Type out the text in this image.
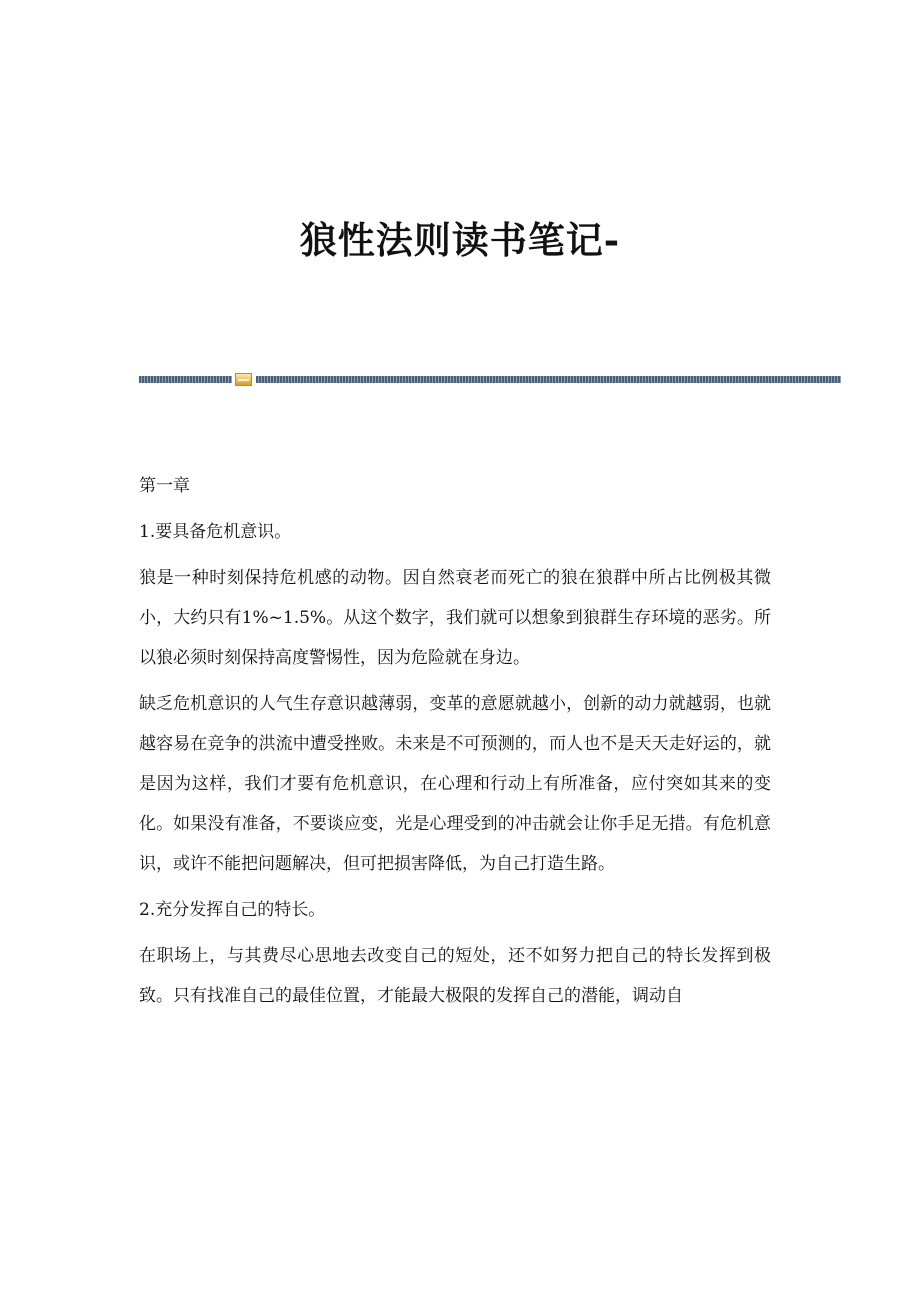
狼性法则读书笔记-

第一章

1.要具备危机意识。

狼是一种时刻保持危机感的动物。因自然衰老而死亡的狼在狼群中所占比例极其微小，大约只有1%~1.5%。从这个数字，我们就可以想象到狼群生存环境的恶劣。所以狼必须时刻保持高度警惕性，因为危险就在身边。

缺乏危机意识的人气生存意识越薄弱，变革的意愿就越小，创新的动力就越弱，也就越容易在竞争的洪流中遭受挫败。未来是不可预测的，而人也不是天天走好运的，就是因为这样，我们才要有危机意识，在心理和行动上有所准备，应付突如其来的变化。如果没有准备，不要谈应变，光是心理受到的冲击就会让你手足无措。有危机意识，或许不能把问题解决，但可把损害降低，为自己打造生路。

2.充分发挥自己的特长。

在职场上，与其费尽心思地去改变自己的短处，还不如努力把自己的特长发挥到极致。只有找准自己的最佳位置，才能最大极限的发挥自己的潜能，调动自
